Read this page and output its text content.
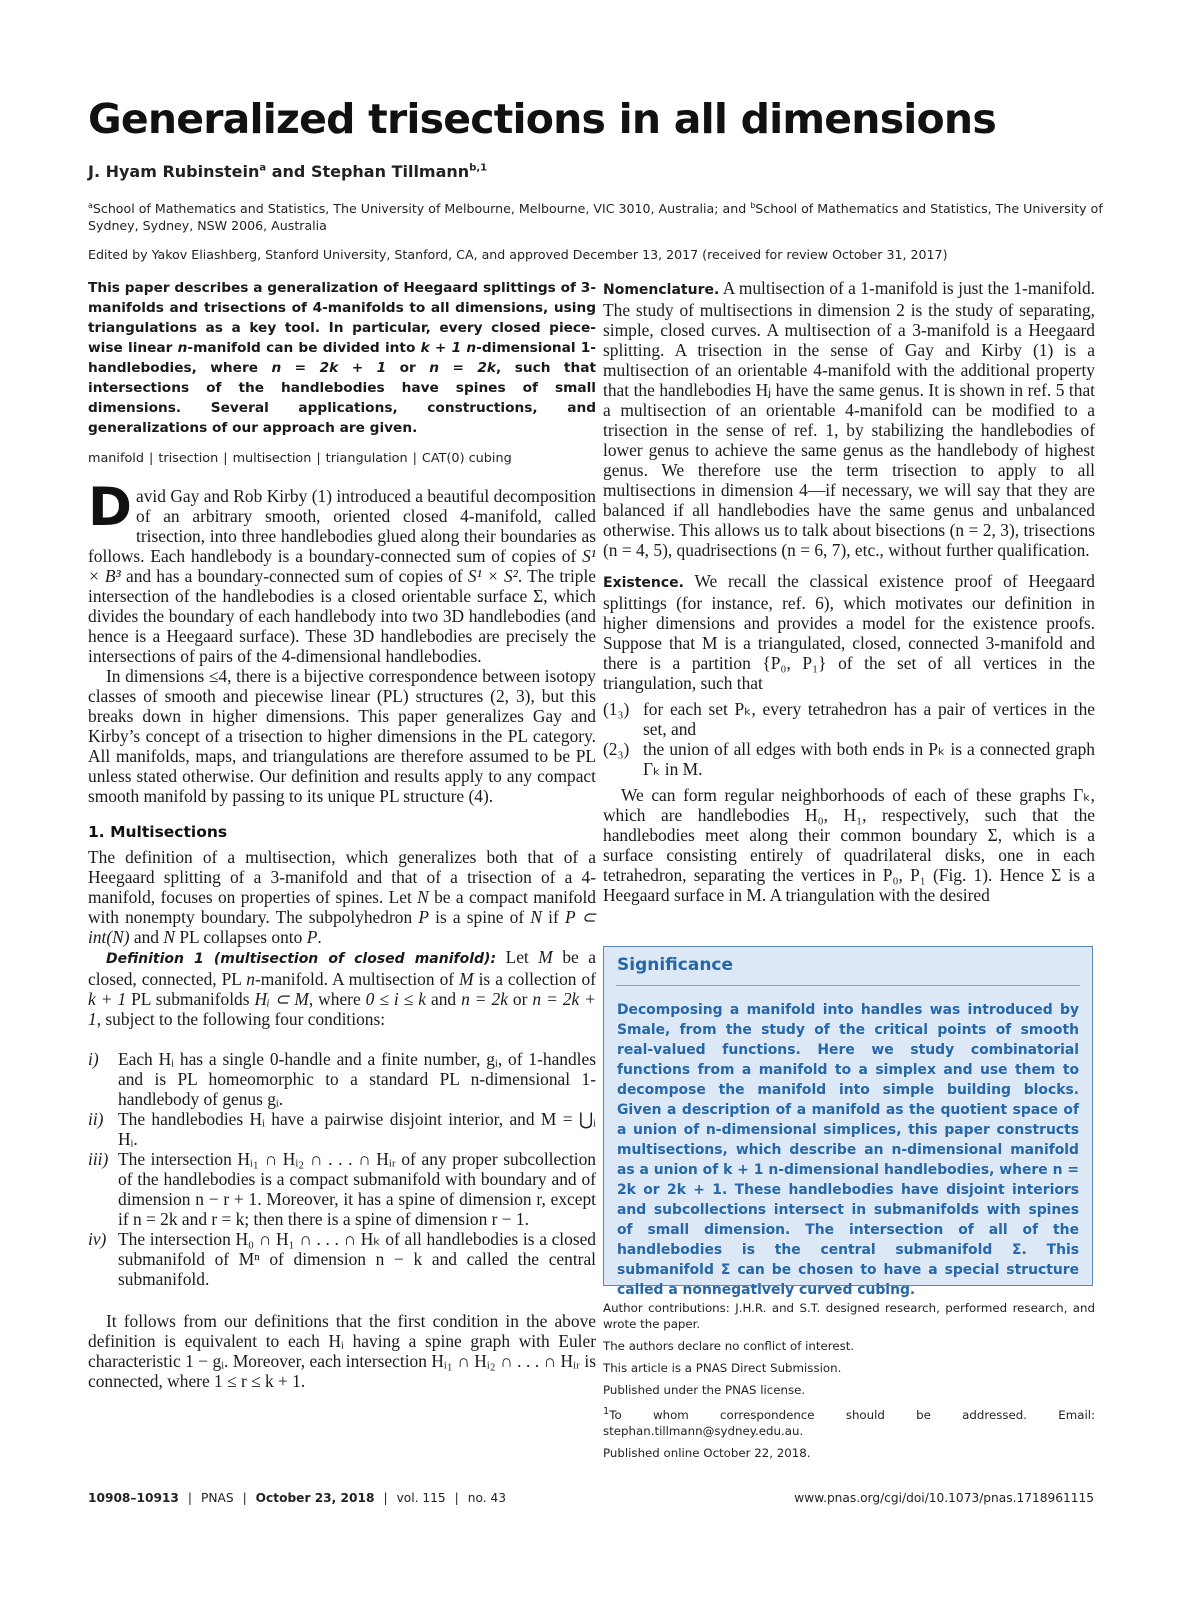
Generalized trisections in all dimensions
J. Hyam Rubinstein$^a$ and Stephan Tillmann$^{b,1}$
$^a$School of Mathematics and Statistics, The University of Melbourne, Melbourne, VIC 3010, Australia; and $^b$School of Mathematics and Statistics, The University of Sydney, Sydney, NSW 2006, Australia
Edited by Yakov Eliashberg, Stanford University, Stanford, CA, and approved December 13, 2017 (received for review October 31, 2017)

This paper describes a generalization of Heegaard splittings of 3-manifolds and trisections of 4-manifolds to all dimensions, using triangulations as a key tool. In particular, every closed piece-wise linear n-manifold can be divided into k + 1 n-dimensional 1-handlebodies, where n = 2k + 1 or n = 2k, such that intersections of the handlebodies have spines of small dimensions. Several applications, constructions, and generalizations of our approach are given.

manifold | trisection | multisection | triangulation | CAT(0) cubing

David Gay and Rob Kirby (1) introduced a beautiful decomposition of an arbitrary smooth, oriented closed 4-manifold, called trisection, into three handlebodies glued along their boundaries as follows. Each handlebody is a boundary-connected sum of copies of S¹ × B³ and has a boundary-connected sum of copies of S¹ × S². The triple intersection of the handlebodies is a closed orientable surface Σ, which divides the boundary of each handlebody into two 3D handlebodies (and hence is a Heegaard surface). These 3D handlebodies are precisely the intersections of pairs of the 4-dimensional handlebodies.

In dimensions ≤4, there is a bijective correspondence between isotopy classes of smooth and piecewise linear (PL) structures (2, 3), but this breaks down in higher dimensions. This paper generalizes Gay and Kirby’s concept of a trisection to higher dimensions in the PL category. All manifolds, maps, and triangulations are therefore assumed to be PL unless stated otherwise. Our definition and results apply to any compact smooth manifold by passing to its unique PL structure (4).

1. Multisections

The definition of a multisection, which generalizes both that of a Heegaard splitting of a 3-manifold and that of a trisection of a 4-manifold, focuses on properties of spines. Let N be a compact manifold with nonempty boundary. The subpolyhedron P is a spine of N if P ⊂ int(N) and N PL collapses onto P.

Definition 1 (multisection of closed manifold): Let M be a closed, connected, PL n-manifold. A multisection of M is a collection of k + 1 PL submanifolds Hᵢ ⊂ M, where 0 ≤ i ≤ k and n = 2k or n = 2k + 1, subject to the following four conditions:

i) Each Hᵢ has a single 0-handle and a finite number, gᵢ, of 1-handles and is PL homeomorphic to a standard PL n-dimensional 1-handlebody of genus gᵢ.
ii) The handlebodies Hᵢ have a pairwise disjoint interior, and M = ⋃ᵢ Hᵢ.
iii) The intersection Hᵢ₁ ∩ Hᵢ₂ ∩ . . . ∩ Hᵢᵣ of any proper subcollection of the handlebodies is a compact submanifold with boundary and of dimension n − r + 1. Moreover, it has a spine of dimension r, except if n = 2k and r = k; then there is a spine of dimension r − 1.
iv) The intersection H₀ ∩ H₁ ∩ . . . ∩ Hₖ of all handlebodies is a closed submanifold of Mⁿ of dimension n − k and called the central submanifold.

It follows from our definitions that the first condition in the above definition is equivalent to each Hᵢ having a spine graph with Euler characteristic 1 − gᵢ. Moreover, each intersection Hᵢ₁ ∩ Hᵢ₂ ∩ . . . ∩ Hᵢᵣ is connected, where 1 ≤ r ≤ k + 1.

Nomenclature. A multisection of a 1-manifold is just the 1-manifold. The study of multisections in dimension 2 is the study of separating, simple, closed curves. A multisection of a 3-manifold is a Heegaard splitting. A trisection in the sense of Gay and Kirby (1) is a multisection of an orientable 4-manifold with the additional property that the handlebodies Hⱼ have the same genus. It is shown in ref. 5 that a multisection of an orientable 4-manifold can be modified to a trisection in the sense of ref. 1, by stabilizing the handlebodies of lower genus to achieve the same genus as the handlebody of highest genus. We therefore use the term trisection to apply to all multisections in dimension 4—if necessary, we will say that they are balanced if all handlebodies have the same genus and unbalanced otherwise. This allows us to talk about bisections (n = 2, 3), trisections (n = 4, 5), quadrisections (n = 6, 7), etc., without further qualification.

Existence. We recall the classical existence proof of Heegaard splittings (for instance, ref. 6), which motivates our definition in higher dimensions and provides a model for the existence proofs. Suppose that M is a triangulated, closed, connected 3-manifold and there is a partition {P₀, P₁} of the set of all vertices in the triangulation, such that

(1₃) for each set Pₖ, every tetrahedron has a pair of vertices in the set, and
(2₃) the union of all edges with both ends in Pₖ is a connected graph Γₖ in M.

We can form regular neighborhoods of each of these graphs Γₖ, which are handlebodies H₀, H₁, respectively, such that the handlebodies meet along their common boundary Σ, which is a surface consisting entirely of quadrilateral disks, one in each tetrahedron, separating the vertices in P₀, P₁ (Fig. 1). Hence Σ is a Heegaard surface in M. A triangulation with the desired

Significance

Decomposing a manifold into handles was introduced by Smale, from the study of the critical points of smooth real-valued functions. Here we study combinatorial functions from a manifold to a simplex and use them to decompose the manifold into simple building blocks. Given a description of a manifold as the quotient space of a union of n-dimensional simplices, this paper constructs multisections, which describe an n-dimensional manifold as a union of k + 1 n-dimensional handlebodies, where n = 2k or 2k + 1. These handlebodies have disjoint interiors and subcollections intersect in submanifolds with spines of small dimension. The intersection of all of the handlebodies is the central submanifold Σ. This submanifold Σ can be chosen to have a special structure called a nonnegatively curved cubing.

Author contributions: J.H.R. and S.T. designed research, performed research, and wrote the paper.

The authors declare no conflict of interest.

This article is a PNAS Direct Submission.

Published under the PNAS license.

$^1$To whom correspondence should be addressed. Email: stephan.tillmann@sydney.edu.au.

Published online October 22, 2018.

10908–10913 | PNAS | October 23, 2018 | vol. 115 | no. 43	www.pnas.org/cgi/doi/10.1073/pnas.1718961115
